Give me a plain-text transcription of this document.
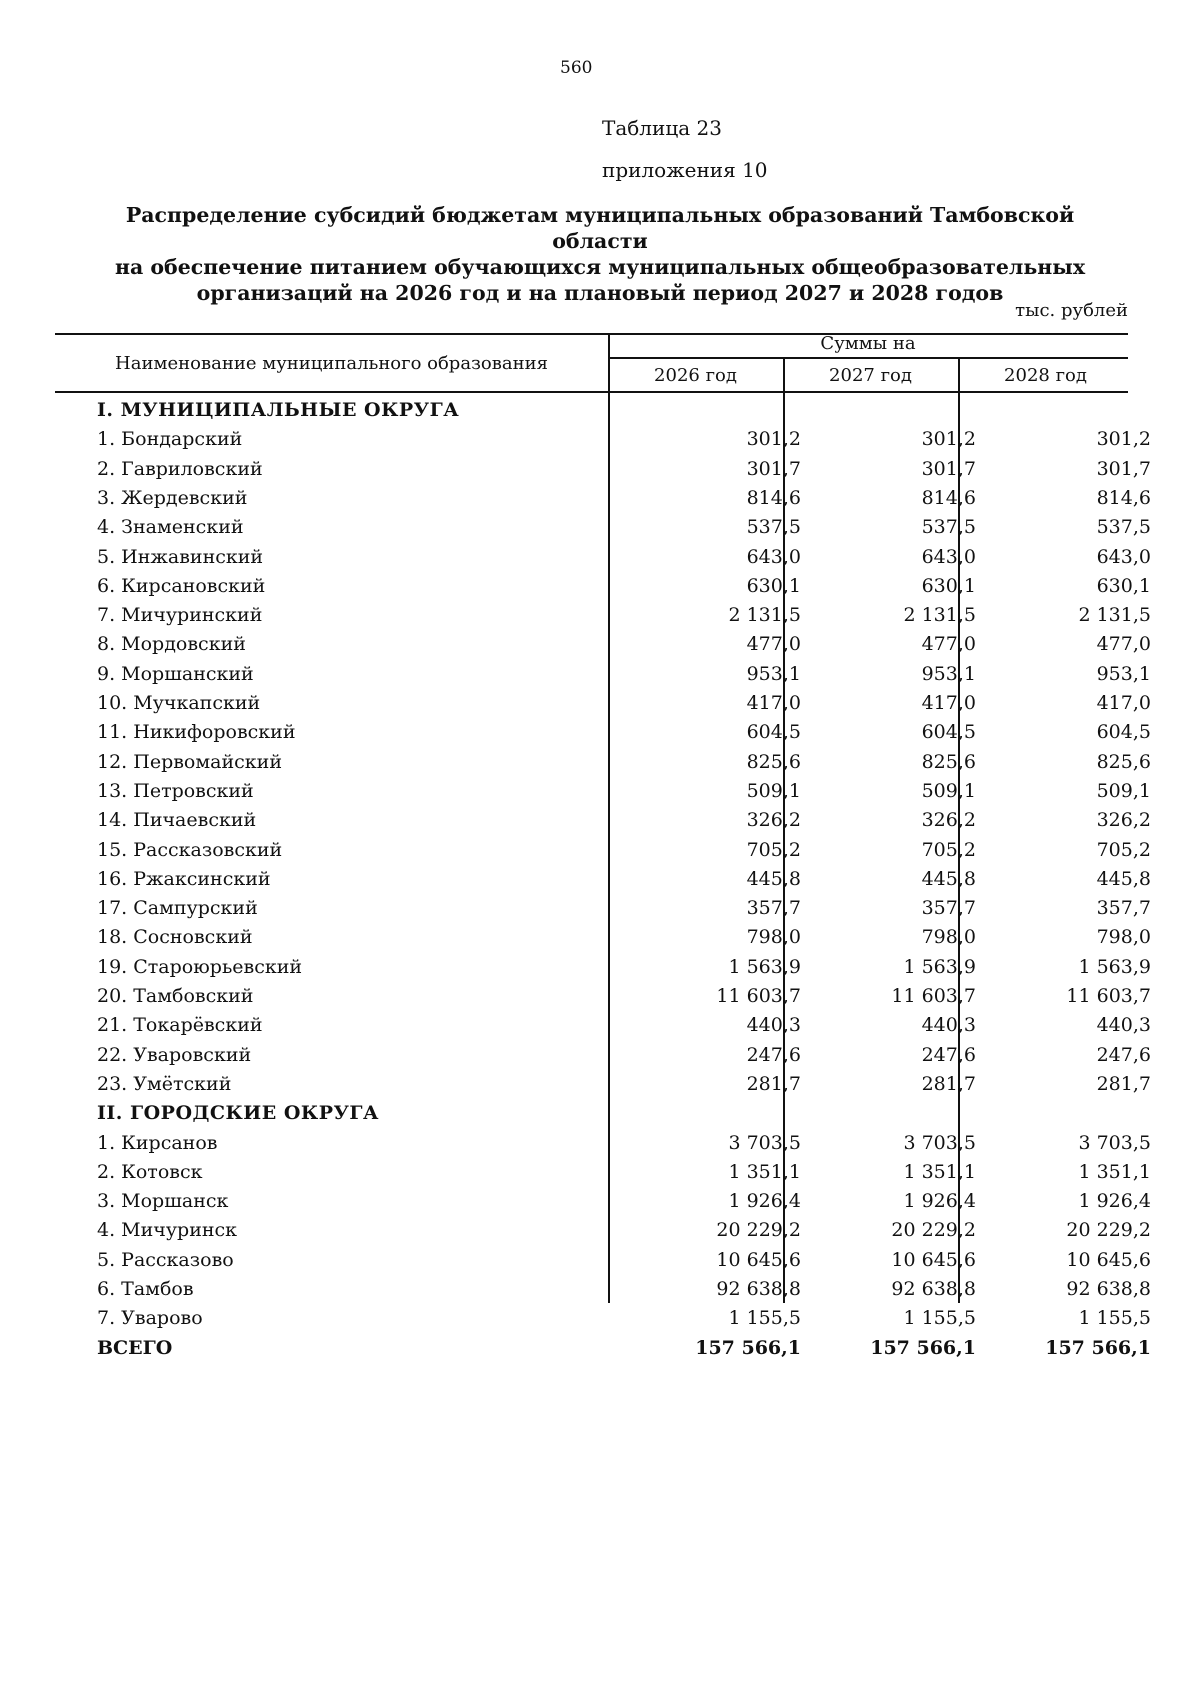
560
Таблица 23
приложения 10
Распределение субсидий бюджетам муниципальных образований Тамбовской области
на обеспечение питанием обучающихся муниципальных общеобразовательных
организаций на 2026 год и на плановый период 2027 и 2028 годов
тыс. рублей
Наименование муниципального образования
Суммы на
2026 год	2027 год	2028 год
I. МУНИЦИПАЛЬНЫЕ ОКРУГА
1. Бондарский	301,2	301,2	301,2
2. Гавриловский	301,7	301,7	301,7
3. Жердевский	814,6	814,6	814,6
4. Знаменский	537,5	537,5	537,5
5. Инжавинский	643,0	643,0	643,0
6. Кирсановский	630,1	630,1	630,1
7. Мичуринский	2 131,5	2 131,5	2 131,5
8. Мордовский	477,0	477,0	477,0
9. Моршанский	953,1	953,1	953,1
10. Мучкапский	417,0	417,0	417,0
11. Никифоровский	604,5	604,5	604,5
12. Первомайский	825,6	825,6	825,6
13. Петровский	509,1	509,1	509,1
14. Пичаевский	326,2	326,2	326,2
15. Рассказовский	705,2	705,2	705,2
16. Ржаксинский	445,8	445,8	445,8
17. Сампурский	357,7	357,7	357,7
18. Сосновский	798,0	798,0	798,0
19. Староюрьевский	1 563,9	1 563,9	1 563,9
20. Тамбовский	11 603,7	11 603,7	11 603,7
21. Токарёвский	440,3	440,3	440,3
22. Уваровский	247,6	247,6	247,6
23. Умётский	281,7	281,7	281,7
II. ГОРОДСКИЕ ОКРУГА
1. Кирсанов	3 703,5	3 703,5	3 703,5
2. Котовск	1 351,1	1 351,1	1 351,1
3. Моршанск	1 926,4	1 926,4	1 926,4
4. Мичуринск	20 229,2	20 229,2	20 229,2
5. Рассказово	10 645,6	10 645,6	10 645,6
6. Тамбов	92 638,8	92 638,8	92 638,8
7. Уварово	1 155,5	1 155,5	1 155,5
ВСЕГО	157 566,1	157 566,1	157 566,1
